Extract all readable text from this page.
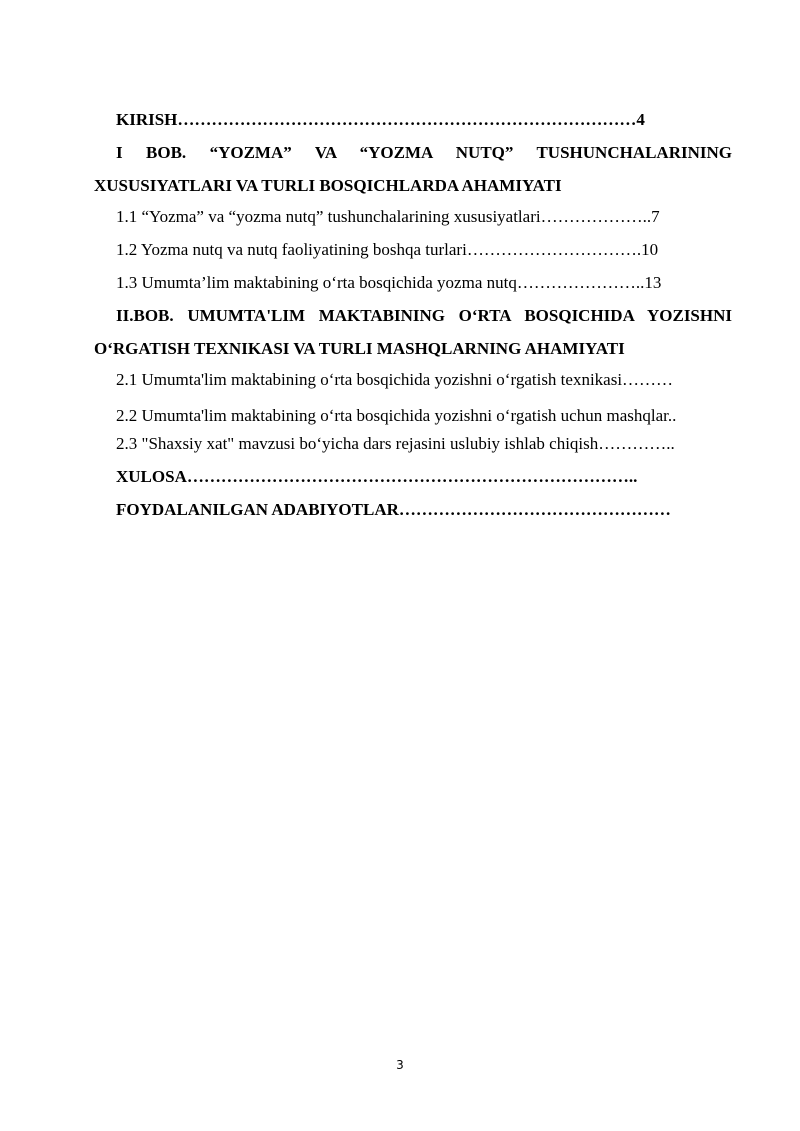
KIRISH………………………………………………………………………4

I BOB. “YOZMA” VA “YOZMA NUTQ” TUSHUNCHALARINING XUSUSIYATLARI VA TURLI BOSQICHLARDA AHAMIYATI

1.1 “Yozma” va “yozma nutq” tushunchalarining xususiyatlari………………..7

1.2 Yozma nutq va nutq faoliyatining boshqa turlari………………………….10

1.3 Umumta’lim maktabining o‘rta bosqichida yozma nutq…………………..13

II.BOB. UMUMTA'LIM MAKTABINING O‘RTA BOSQICHIDA YOZISHNI O‘RGATISH TEXNIKASI VA TURLI MASHQLARNING AHAMIYATI

2.1 Umumta'lim maktabining o‘rta bosqichida yozishni o‘rgatish texnikasi………

2.2 Umumta'lim maktabining o‘rta bosqichida yozishni o‘rgatish uchun mashqlar..

2.3 "Shaxsiy xat" mavzusi bo‘yicha dars rejasini uslubiy ishlab chiqish…………..

XULOSA……………………………………………………………………..

FOYDALANILGAN ADABIYOTLAR…………………………………………

3
